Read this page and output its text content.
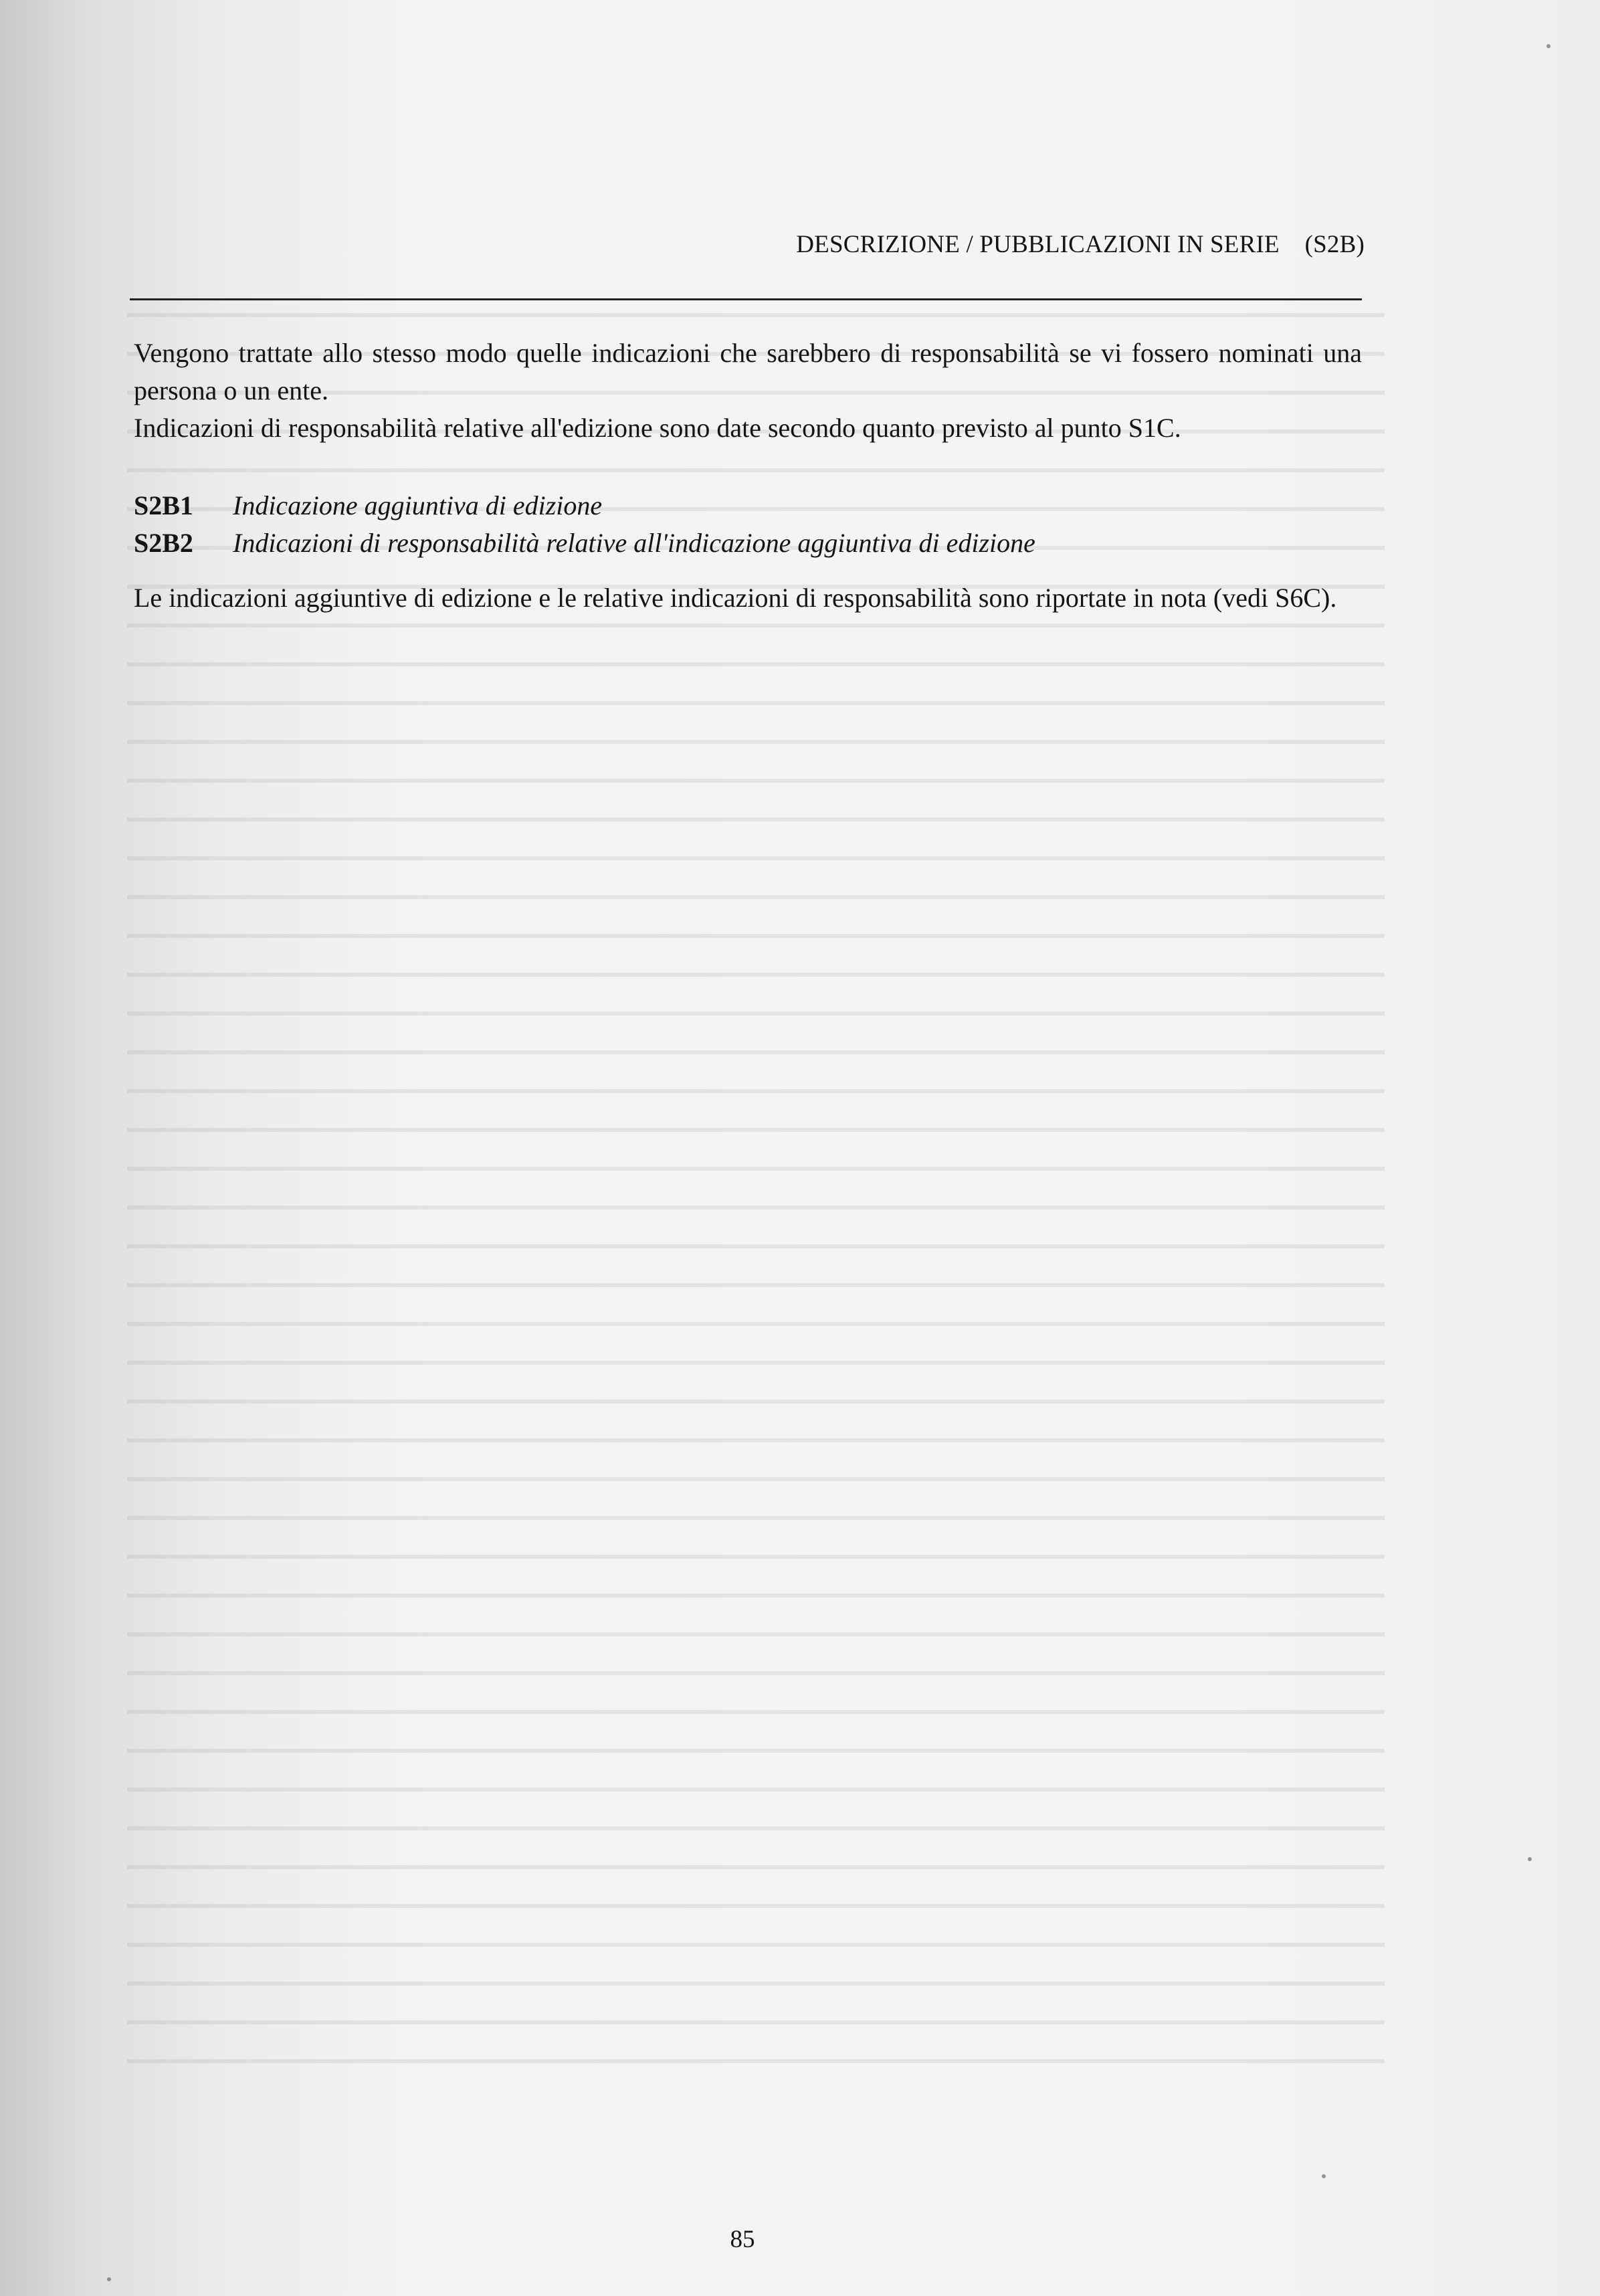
DESCRIZIONE / PUBBLICAZIONI IN SERIE (S2B)

Vengono trattate allo stesso modo quelle indicazioni che sarebbero di responsabilità se vi fossero nominati una persona o un ente.

Indicazioni di responsabilità relative all'edizione sono date secondo quanto previsto al punto S1C.

S2B1	Indicazione aggiuntiva di edizione

S2B2	Indicazioni di responsabilità relative all'indicazione aggiuntiva di edizione

Le indicazioni aggiuntive di edizione e le relative indicazioni di responsabilità sono riportate in nota (vedi S6C).

85
